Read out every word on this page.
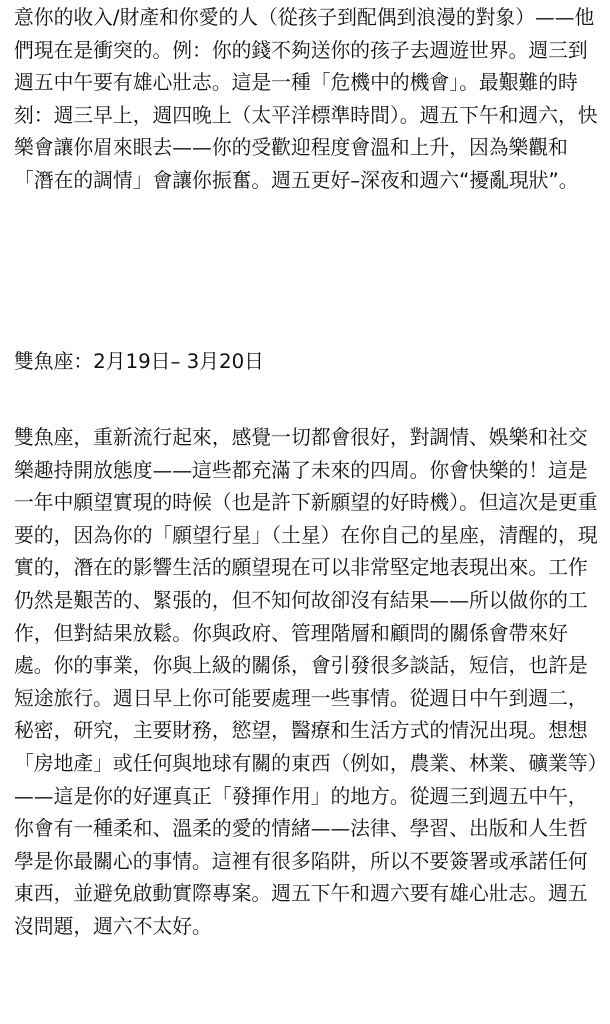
意你的收入/財產和你愛的人（從孩子到配偶到浪漫的對象）——他們現在是衝突的。例：你的錢不夠送你的孩子去週遊世界。週三到週五中午要有雄心壯志。這是一種「危機中的機會」。最艱難的時刻：週三早上，週四晚上（太平洋標準時間）。週五下午和週六，快樂會讓你眉來眼去——你的受歡迎程度會溫和上升，因為樂觀和「潛在的調情」會讓你振奮。週五更好–深夜和週六“擾亂現狀”。

雙魚座：2月19日– 3月20日

雙魚座，重新流行起來，感覺一切都會很好，對調情、娛樂和社交樂趣持開放態度——這些都充滿了未來的四周。你會快樂的！這是一年中願望實現的時候（也是許下新願望的好時機）。但這次是更重要的，因為你的「願望行星」（土星）在你自己的星座，清醒的，現實的，潛在的影響生活的願望現在可以非常堅定地表現出來。工作仍然是艱苦的、緊張的，但不知何故卻沒有結果——所以做你的工作，但對結果放鬆。你與政府、管理階層和顧問的關係會帶來好處。你的事業，你與上級的關係，會引發很多談話，短信，也許是短途旅行。週日早上你可能要處理一些事情。從週日中午到週二，秘密，研究，主要財務，慾望，醫療和生活方式的情況出現。想想「房地產」或任何與地球有關的東西（例如，農業、林業、礦業等）——這是你的好運真正「發揮作用」的地方。從週三到週五中午，你會有一種柔和、溫柔的愛的情緒——法律、學習、出版和人生哲學是你最關心的事情。這裡有很多陷阱，所以不要簽署或承諾任何東西，並避免啟動實際專案。週五下午和週六要有雄心壯志。週五沒問題，週六不太好。
